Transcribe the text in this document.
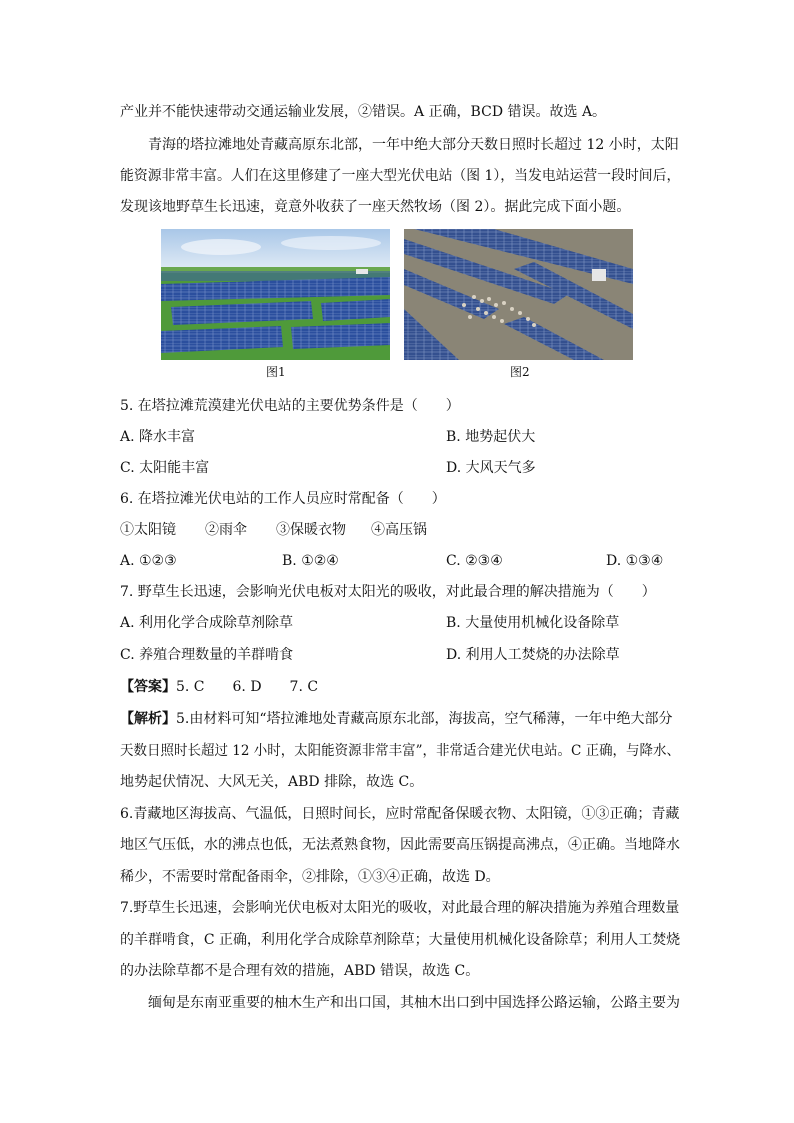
产业并不能快速带动交通运输业发展，②错误。A 正确，BCD 错误。故选 A。
青海的塔拉滩地处青藏高原东北部，一年中绝大部分天数日照时长超过 12 小时，太阳
能资源非常丰富。人们在这里修建了一座大型光伏电站（图 1），当发电站运营一段时间后，
发现该地野草生长迅速，竟意外收获了一座天然牧场（图 2）。据此完成下面小题。
图1	图2
5. 在塔拉滩荒漠建光伏电站的主要优势条件是（　　）
A. 降水丰富	B. 地势起伏大
C. 太阳能丰富	D. 大风天气多
6. 在塔拉滩光伏电站的工作人员应时常配备（　　）
①太阳镜 ②雨伞 ③保暖衣物 ④高压锅
A. ①②③	B. ①②④	C. ②③④	D. ①③④
7. 野草生长迅速，会影响光伏电板对太阳光的吸收，对此最合理的解决措施为（　　）
A. 利用化学合成除草剂除草	B. 大量使用机械化设备除草
C. 养殖合理数量的羊群啃食	D. 利用人工焚烧的办法除草
【答案】5. C　　6. D　　7. C
【解析】5.由材料可知“塔拉滩地处青藏高原东北部，海拔高，空气稀薄，一年中绝大部分
天数日照时长超过 12 小时，太阳能资源非常丰富”，非常适合建光伏电站。C 正确，与降水、
地势起伏情况、大风无关，ABD 排除，故选 C。
6.青藏地区海拔高、气温低，日照时间长，应时常配备保暖衣物、太阳镜，①③正确；青藏
地区气压低，水的沸点也低，无法煮熟食物，因此需要高压锅提高沸点，④正确。当地降水
稀少，不需要时常配备雨伞，②排除，①③④正确，故选 D。
7.野草生长迅速，会影响光伏电板对太阳光的吸收，对此最合理的解决措施为养殖合理数量
的羊群啃食，C 正确，利用化学合成除草剂除草；大量使用机械化设备除草；利用人工焚烧
的办法除草都不是合理有效的措施，ABD 错误，故选 C。
缅甸是东南亚重要的柚木生产和出口国，其柚木出口到中国选择公路运输，公路主要为
